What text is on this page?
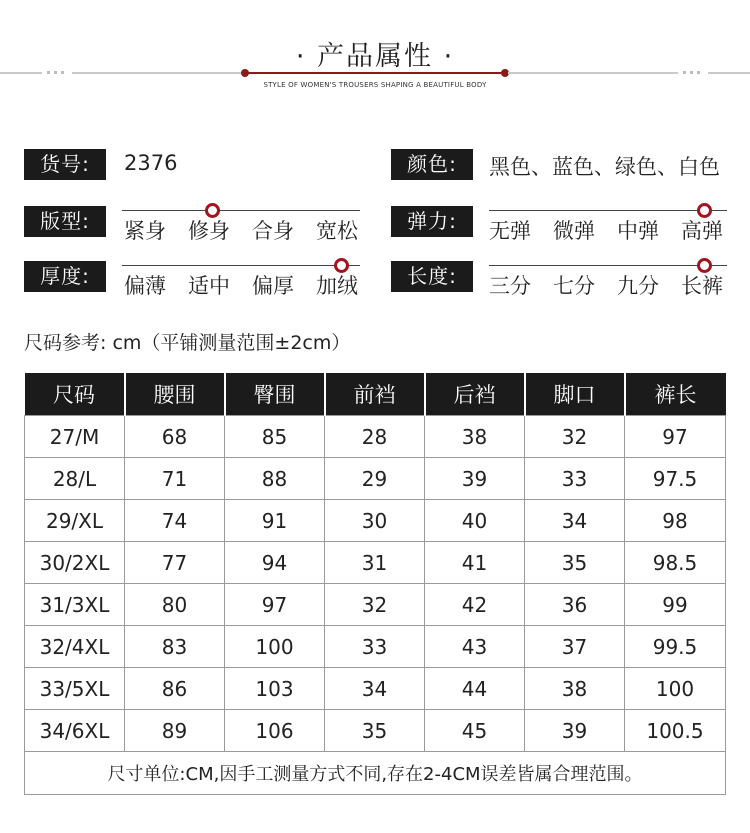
· 产品属性 ·
STYLE OF WOMEN'S TROUSERS SHAPING A BEAUTIFUL BODY
货号:	2376	颜色:	黑色、蓝色、绿色、白色
版型:	紧身 修身 合身 宽松	弹力:	无弹 微弹 中弹 高弹
厚度:	偏薄 适中 偏厚 加绒	长度:	三分 七分 九分 长裤
尺码参考: cm（平铺测量范围±2cm）
尺码	腰围	臀围	前裆	后裆	脚口	裤长
27/M	68	85	28	38	32	97
28/L	71	88	29	39	33	97.5
29/XL	74	91	30	40	34	98
30/2XL	77	94	31	41	35	98.5
31/3XL	80	97	32	42	36	99
32/4XL	83	100	33	43	37	99.5
33/5XL	86	103	34	44	38	100
34/6XL	89	106	35	45	39	100.5
尺寸单位:CM,因手工测量方式不同,存在2-4CM误差皆属合理范围。						
